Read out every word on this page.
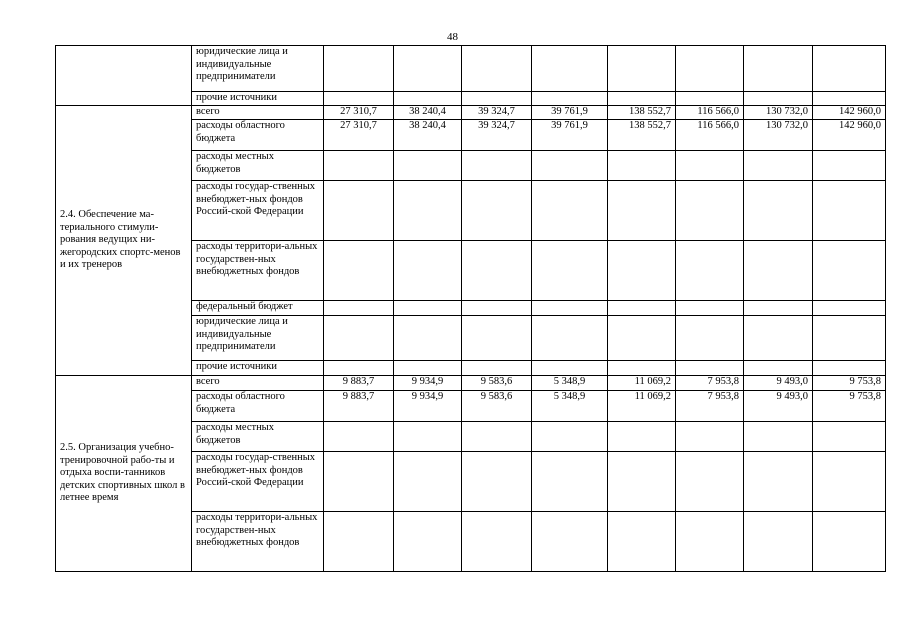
48
	юридические лица и индивидуальные предприниматели								
	прочие источники								
2.4. Обеспечение ма-териального стимули-рования ведущих ни-жегородских спортс-менов и их тренеров	всего	27 310,7	38 240,4	39 324,7	39 761,9	138 552,7	116 566,0	130 732,0	142 960,0
	расходы областного бюджета	27 310,7	38 240,4	39 324,7	39 761,9	138 552,7	116 566,0	130 732,0	142 960,0
	расходы местных бюджетов								
	расходы государ-ственных внебюджет-ных фондов Россий-ской Федерации								
	расходы территори-альных государствен-ных внебюджетных фондов								
	федеральный бюджет								
	юридические лица и индивидуальные предприниматели								
	прочие источники								
2.5. Организация учебно-тренировочной рабо-ты и отдыха воспи-танников детских спортивных школ в летнее время	всего	9 883,7	9 934,9	9 583,6	5 348,9	11 069,2	7 953,8	9 493,0	9 753,8
	расходы областного бюджета	9 883,7	9 934,9	9 583,6	5 348,9	11 069,2	7 953,8	9 493,0	9 753,8
	расходы местных бюджетов								
	расходы государ-ственных внебюджет-ных фондов Россий-ской Федерации								
	расходы территори-альных государствен-ных внебюджетных фондов								
